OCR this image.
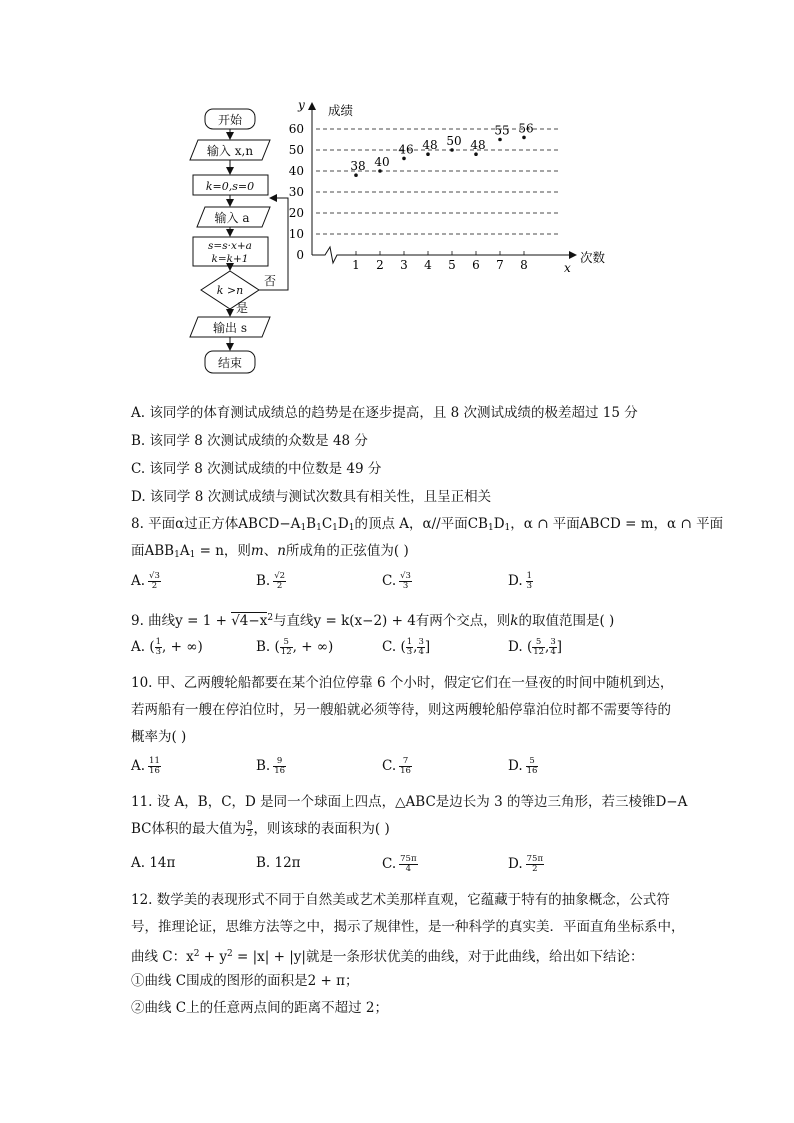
开始
输入 x,n
k=0,s=0
输入 a
s=s·x+a
k=k+1
k >n
否
是
输出 s
结束
y 成绩
次数
x
0
10
20
30
40
50
60
1 2 3 4 5 6 7 8
38 40
46 48 50 48
55 56
A. 该同学的体育测试成绩总的趋势是在逐步提高，且 8 次测试成绩的极差超过 15 分
B. 该同学 8 次测试成绩的众数是 48 分
C. 该同学 8 次测试成绩的中位数是 49 分
D. 该同学 8 次测试成绩与测试次数具有相关性，且呈正相关
8. 平面α过正方体$ABCD-A_1B_1C_1D_1$的顶点 A，α//平面$CB_1D_1$，α ∩ 平面ABCD = m，α ∩ 平面
面$ABB_1A_1 = n$，则m、n所成角的正弦值为( )
A. $\frac{√3}{2}$	B. $\frac{√2}{2}$	C. $\frac{√3}{3}$	D. $\frac{1}{3}$
9. 曲线$y = 1 + √4-x^2$与直线y = k(x−2) + 4有两个交点，则k的取值范围是( )
A. ( $\frac{1}{3}$ , + ∞)	B. ( $\frac{5}{12}$ , + ∞)	C. ( $\frac{1}{3}$ , $\frac{3}{4}$ ]	D. ( $\frac{5}{12}$ , $\frac{3}{4}$ ]
10. 甲、乙两艘轮船都要在某个泊位停靠 6 个小时，假定它们在一昼夜的时间中随机到达，
若两船有一艘在停泊位时，另一艘船就必须等待，则这两艘轮船停靠泊位时都不需要等待的
概率为( )
A. $\frac{11}{16}$	B. $\frac{9}{16}$	C. $\frac{7}{16}$	D. $\frac{5}{16}$
11. 设 A，B，C，D 是同一个球面上四点，△ABC是边长为 3 的等边三角形，若三棱锥D−A
BC体积的最大值为 $\frac{9}{2}$ ，则该球的表面积为( )
A. 14π	B. 12π	C. $\frac{75\pi}{4}$	D. $\frac{75\pi}{2}$
12. 数学美的表现形式不同于自然美或艺术美那样直观，它蕴藏于特有的抽象概念，公式符
号，推理论证，思维方法等之中，揭示了规律性，是一种科学的真实美．平面直角坐标系中，
曲线 C：$x^2 + y^2 = |x| + |y|$就是一条形状优美的曲线，对于此曲线，给出如下结论：
①曲线 C围成的图形的面积是2 + π；
②曲线 C上的任意两点间的距离不超过 2；
